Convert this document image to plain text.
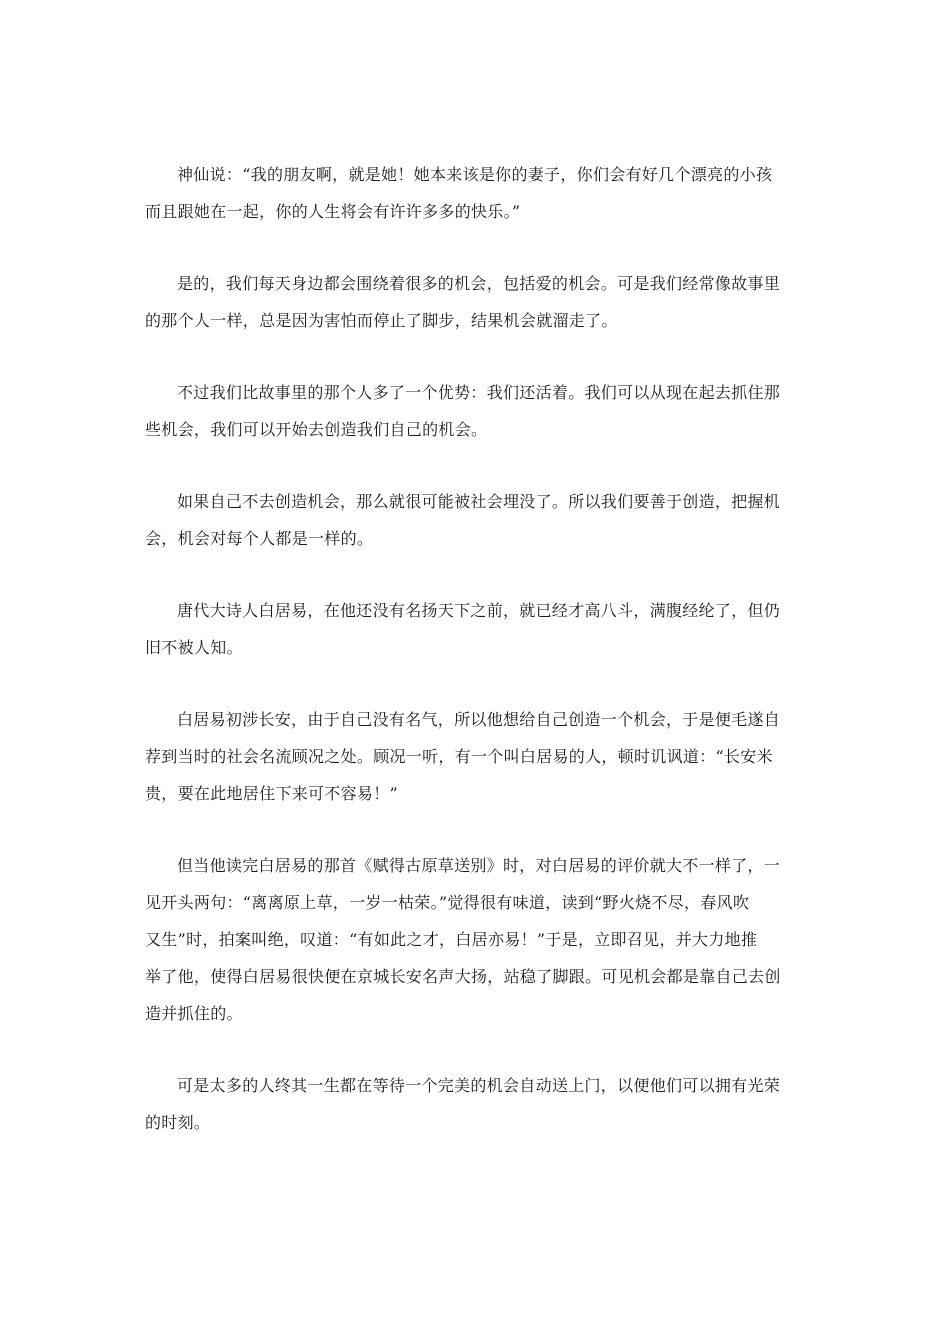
神仙说：“我的朋友啊，就是她！她本来该是你的妻子，你们会有好几个漂亮的小孩
而且跟她在一起，你的人生将会有许许多多的快乐。”

是的，我们每天身边都会围绕着很多的机会，包括爱的机会。可是我们经常像故事里
的那个人一样，总是因为害怕而停止了脚步，结果机会就溜走了。

不过我们比故事里的那个人多了一个优势：我们还活着。我们可以从现在起去抓住那
些机会，我们可以开始去创造我们自己的机会。

如果自己不去创造机会，那么就很可能被社会埋没了。所以我们要善于创造，把握机
会，机会对每个人都是一样的。

唐代大诗人白居易，在他还没有名扬天下之前，就已经才高八斗，满腹经纶了，但仍
旧不被人知。

白居易初涉长安，由于自己没有名气，所以他想给自己创造一个机会，于是便毛遂自
荐到当时的社会名流顾况之处。顾况一听，有一个叫白居易的人，顿时讥讽道：“长安米
贵，要在此地居住下来可不容易！”

但当他读完白居易的那首《赋得古原草送别》时，对白居易的评价就大不一样了，一
见开头两句：“离离原上草，一岁一枯荣。”觉得很有味道，读到“野火烧不尽，春风吹
又生”时，拍案叫绝，叹道：“有如此之才，白居亦易！”于是，立即召见，并大力地推
举了他，使得白居易很快便在京城长安名声大扬，站稳了脚跟。可见机会都是靠自己去创
造并抓住的。

可是太多的人终其一生都在等待一个完美的机会自动送上门，以便他们可以拥有光荣
的时刻。
